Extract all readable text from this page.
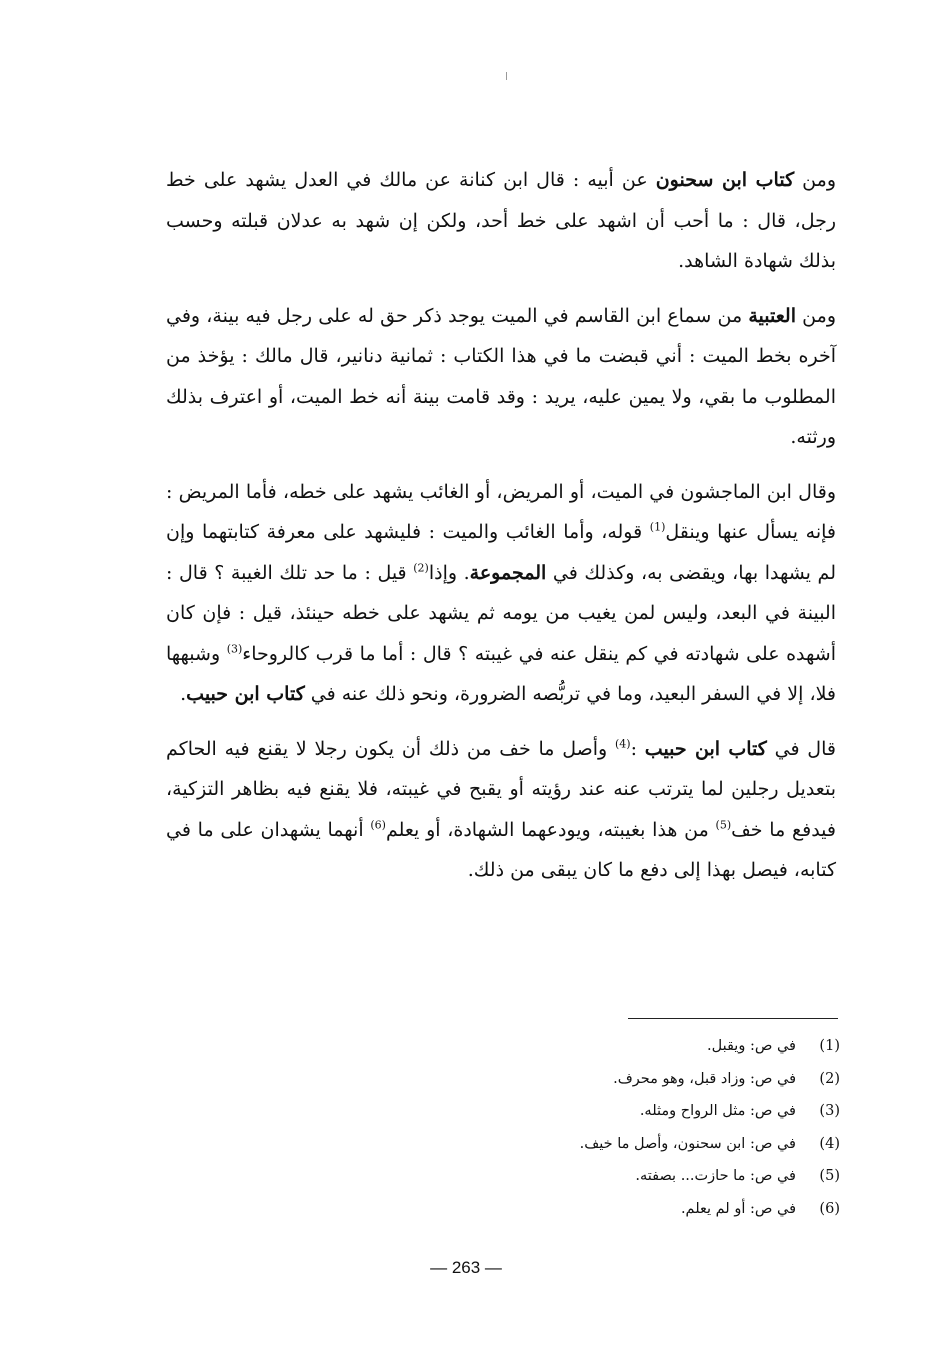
ومن كتاب ابن سحنون عن أبيه : قال ابن كنانة عن مالك في العدل يشهد على خط رجل، قال : ما أحب أن اشهد على خط أحد، ولكن إن شهد به عدلان قبلته وحسب بذلك شهادة الشاهد.

ومن العتبية من سماع ابن القاسم في الميت يوجد ذكر حق له على رجل فيه بينة، وفي آخره بخط الميت : أني قبضت ما في هذا الكتاب : ثمانية دنانير، قال مالك : يؤخذ من المطلوب ما بقي، ولا يمين عليه، يريد : وقد قامت بينة أنه خط الميت، أو اعترف بذلك ورثته.

وقال ابن الماجشون في الميت، أو المريض، أو الغائب يشهد على خطه، فأما المريض : فإنه يسأل عنها وينقل$^{(1)}$ قوله، وأما الغائب والميت : فليشهد على معرفة كتابتهما وإن لم يشهدا بها، ويقضى به، وكذلك في المجموعة. وإذا$^{(2)}$ قيل : ما حد تلك الغيبة ؟ قال : البينة في البعد، وليس لمن يغيب من يومه ثم يشهد على خطه حينئذ، قيل : فإن كان أشهده على شهادته في كم ينقل عنه في غيبته ؟ قال : أما ما قرب كالروحاء$^{(3)}$ وشبهها فلا، إلا في السفر البعيد، وما في تربُّصه الضرورة، ونحو ذلك عنه في كتاب ابن حبيب.

قال في كتاب ابن حبيب :$^{(4)}$ وأصل ما خف من ذلك أن يكون رجلا لا يقنع فيه الحاكم بتعديل رجلين لما يترتب عنه عند رؤيته أو يقبح في غيبته، فلا يقنع فيه بظاهر التزكية، فيدفع ما خف$^{(5)}$ من هذا بغيبته، ويودعهما الشهادة، أو يعلم$^{(6)}$ أنهما يشهدان على ما في كتابه، فيصل بهذا إلى دفع ما كان يبقى من ذلك.

(1)في ص: ويقبل.
(2)في ص: وزاد قبل، وهو محرف.
(3)في ص: مثل الرواح ومثله.
(4)في ص: ابن سحنون، وأصل ما خيف.
(5)في ص: ما حازت... بصفته.
(6)في ص: أو لم يعلم.
— 263 —
